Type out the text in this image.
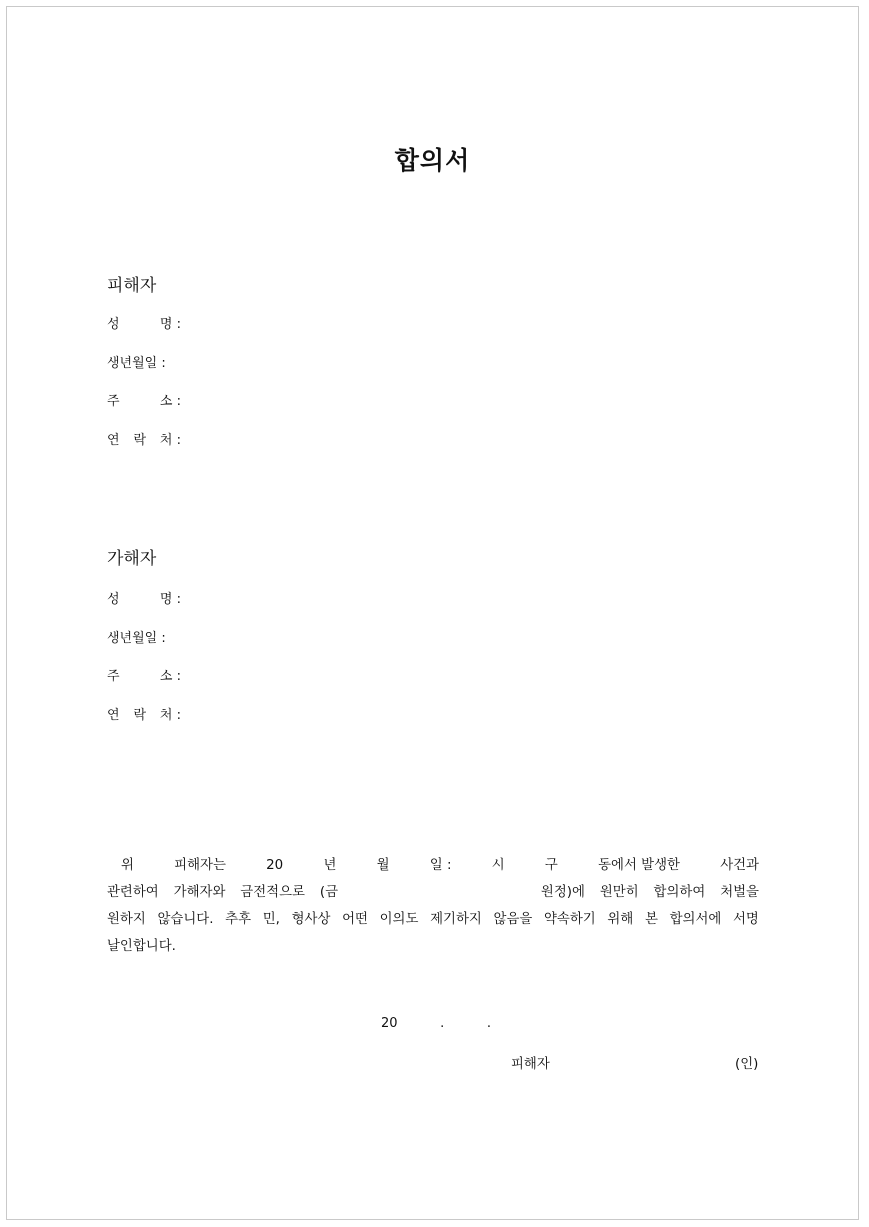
합의서
피해자
성	명 :
생년월일 :
주	소 :
연 락 처 :
가해자
성	명 :
생년월일 :
주	소 :
연 락 처 :
위	피해자는	20	년	월	일 :	시	구	동에서 발생한	사건과
관련하여 가해자와 금전적으로 (금	원정)에 원만히 합의하여 처벌을
원하지 않습니다. 추후 민, 형사상 어떤 이의도 제기하지 않음을 약속하기 위해 본 합의서에 서명
날인합니다.
20	.	.
피해자	(인)
